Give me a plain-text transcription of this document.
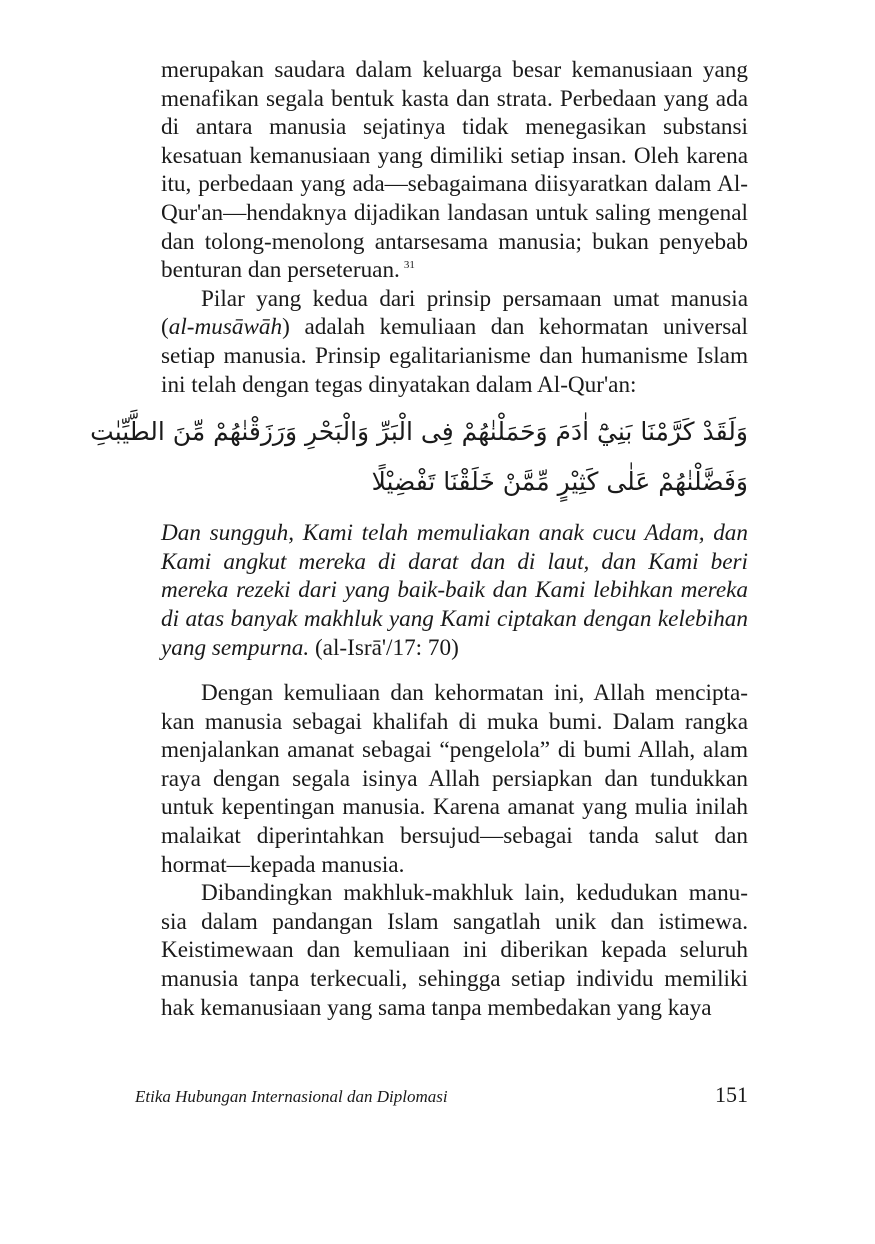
merupakan saudara dalam keluarga besar kemanusiaan yang menafikan segala bentuk kasta dan strata. Perbedaan yang ada di antara manusia sejatinya tidak menegasikan substansi kesatuan kemanusiaan yang dimiliki setiap insan. Oleh karena itu, perbedaan yang ada—sebagaimana diisyaratkan dalam Al-Qur'an—hendaknya dijadikan landasan untuk saling mengenal dan tolong-menolong antarsesama manusia; bukan penyebab benturan dan perseteruan. $^{31}$

Pilar yang kedua dari prinsip persamaan umat manusia (al-musāwāh) adalah kemuliaan dan kehormatan universal setiap manusia. Prinsip egalitarianisme dan humanisme Islam ini telah dengan tegas dinyatakan dalam Al-Qur'an:

وَلَقَدْ كَرَّمْنَا بَنِيْٓ اٰدَمَ وَحَمَلْنٰهُمْ فِى الْبَرِّ وَالْبَحْرِ وَرَزَقْنٰهُمْ مِّنَ الطَّيِّبٰتِ
وَفَضَّلْنٰهُمْ عَلٰى كَثِيْرٍ مِّمَّنْ خَلَقْنَا تَفْضِيْلًا

Dan sungguh, Kami telah memuliakan anak cucu Adam, dan Kami angkut mereka di darat dan di laut, dan Kami beri mereka rezeki dari yang baik-baik dan Kami lebihkan mereka di atas banyak makhluk yang Kami ciptakan dengan kelebihan yang sempurna. (al-Isrā'/17: 70)

Dengan kemuliaan dan kehormatan ini, Allah mencipta-kan manusia sebagai khalifah di muka bumi. Dalam rangka menjalankan amanat sebagai “pengelola” di bumi Allah, alam raya dengan segala isinya Allah persiapkan dan tundukkan untuk kepentingan manusia. Karena amanat yang mulia inilah malaikat diperintahkan bersujud—sebagai tanda salut dan hormat—kepada manusia.

Dibandingkan makhluk-makhluk lain, kedudukan manu-sia dalam pandangan Islam sangatlah unik dan istimewa. Keistimewaan dan kemuliaan ini diberikan kepada seluruh manusia tanpa terkecuali, sehingga setiap individu memiliki hak kemanusiaan yang sama tanpa membedakan yang kaya

Etika Hubungan Internasional dan Diplomasi	151
